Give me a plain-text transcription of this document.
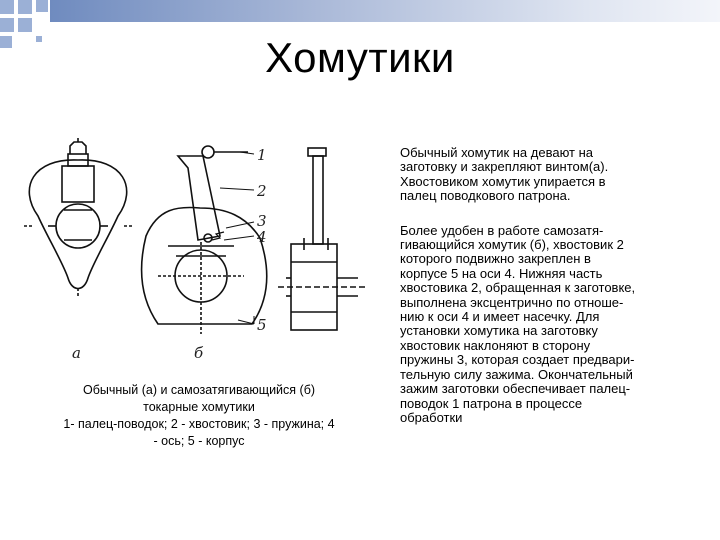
Хомутики
1
2
3
4
5
а	б
Обычный (а) и самозатягивающийся (б)
токарные хомутики
1- палец-поводок; 2 - хвостовик; 3 - пружина; 4
- ось; 5 - корпус
Обычный хомутик на девают на
заготовку и закрепляют винтом(а).
Хвостовиком хомутик упирается в
палец поводкового патрона.
Более удобен в работе самозатя-
гивающийся хомутик (б), хвостовик 2
которого подвижно закреплен в
корпусе 5 на оси 4. Нижняя часть
хвостовика 2, обращенная к заготовке,
выполнена эксцентрично по отноше-
нию к оси 4 и имеет насечку. Для
установки хомутика на заготовку
хвостовик наклоняют в сторону
пружины 3, которая создает предвари-
тельную силу зажима. Окончательный
зажим заготовки обеспечивает палец-
поводок 1 патрона в процессе
обработки
